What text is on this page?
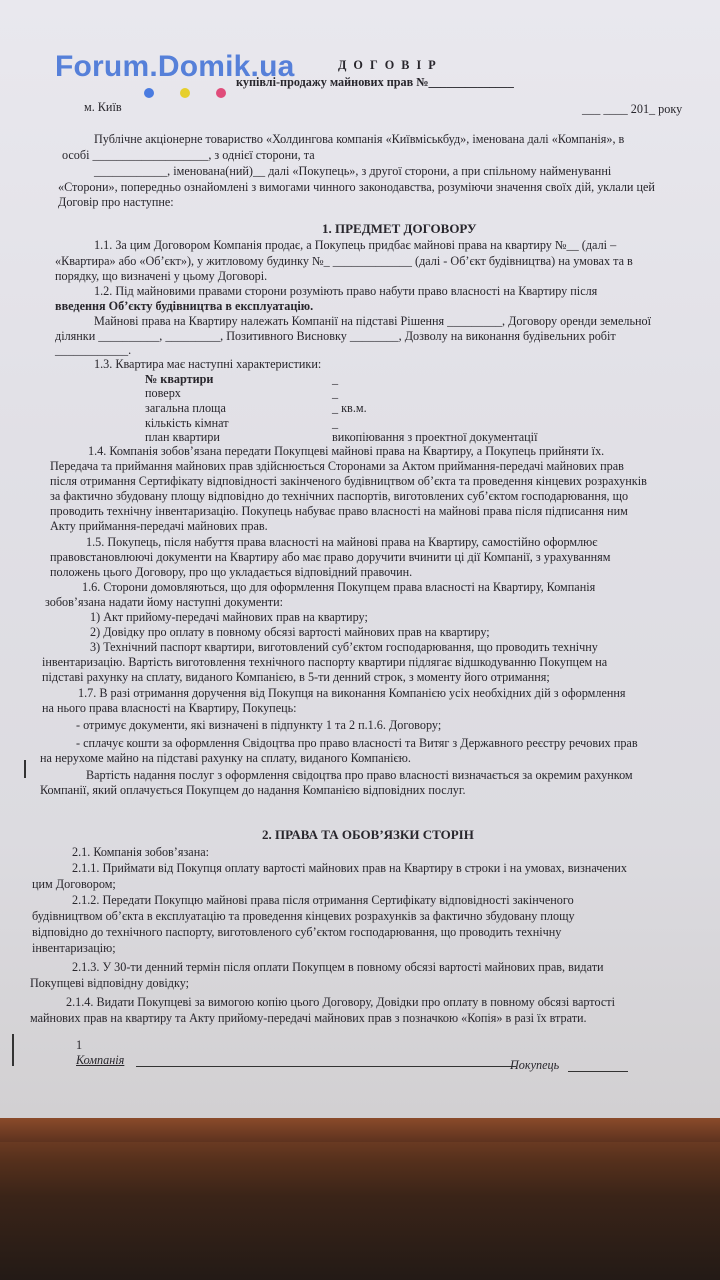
Forum.Domik.ua	Д О Г О В І Р
купівлі-продажу майнових прав №______________
м. Київ	___ ____ 201_ року
Публічне акціонерне товариство «Холдингова компанія «Київміськбуд», іменована далі «Компанія», в
особі ___________________, з однієї сторони, та
____________, іменована(ний)__ далі «Покупець», з другої сторони, а при спільному найменуванні
«Сторони», попередньо ознайомлені з вимогами чинного законодавства, розуміючи значення своїх дій, уклали цей
Договір про наступне:
1. ПРЕДМЕТ ДОГОВОРУ
1.1. За цим Договором Компанія продає, а Покупець придбає майнові права на квартиру №__ (далі –
«Квартира» або «Об’єкт»), у житловому будинку №_ _____________ (далі - Об’єкт будівництва) на умовах та в
порядку, що визначені у цьому Договорі.
1.2. Під майновими правами сторони розуміють право набути право власності на Квартиру після
введення Об’єкту будівництва в експлуатацію.
Майнові права на Квартиру належать Компанії на підставі Рішення _________, Договору оренди земельної
ділянки __________, _________, Позитивного Висновку ________, Дозволу на виконання будівельних робіт
____________.
1.3. Квартира має наступні характеристики:
№ квартири	_
поверх	_
загальна площа	_ кв.м.
кількість кімнат	_
план квартири	викопіювання з проектної документації
1.4. Компанія зобов’язана передати Покупцеві майнові права на Квартиру, а Покупець прийняти їх.
Передача та приймання майнових прав здійснюється Сторонами за Актом приймання-передачі майнових прав
після отримання Сертифікату відповідності закінченого будівництвом об’єкта та проведення кінцевих розрахунків
за фактично збудовану площу відповідно до технічних паспортів, виготовлених суб’єктом господарювання, що
проводить технічну інвентаризацію. Покупець набуває право власності на майнові права після підписання ним
Акту приймання-передачі майнових прав.
1.5. Покупець, після набуття права власності на майнові права на Квартиру, самостійно оформлює
правовстановлюючі документи на Квартиру або має право доручити вчинити ці дії Компанії, з урахуванням
положень цього Договору, про що укладається відповідний правочин.
1.6. Сторони домовляються, що для оформлення Покупцем права власності на Квартиру, Компанія
зобов’язана надати йому наступні документи:
1) Акт прийому-передачі майнових прав на квартиру;
2) Довідку про оплату в повному обсязі вартості майнових прав на квартиру;
3) Технічний паспорт квартири, виготовлений суб’єктом господарювання, що проводить технічну
інвентаризацію. Вартість виготовлення технічного паспорту квартири підлягає відшкодуванню Покупцем на
підставі рахунку на сплату, виданого Компанією, в 5-ти денний строк, з моменту його отримання;
1.7. В разі отримання доручення від Покупця на виконання Компанією усіх необхідних дій з оформлення
на нього права власності на Квартиру, Покупець:
- отримує документи, які визначені в підпункту 1 та 2 п.1.6. Договору;
- сплачує кошти за оформлення Свідоцтва про право власності та Витяг з Державного реєстру речових прав
на нерухоме майно на підставі рахунку на сплату, виданого Компанією.
Вартість надання послуг з оформлення свідоцтва про право власності визначається за окремим рахунком
Компанії, який оплачується Покупцем до надання Компанією відповідних послуг.
2. ПРАВА ТА ОБОВ’ЯЗКИ СТОРІН
2.1. Компанія зобов’язана:
2.1.1. Приймати від Покупця оплату вартості майнових прав на Квартиру в строки і на умовах, визначених
цим Договором;
2.1.2. Передати Покупцю майнові права після отримання Сертифікату відповідності закінченого
будівництвом об’єкта в експлуатацію та проведення кінцевих розрахунків за фактично збудовану площу
відповідно до технічного паспорту, виготовленого суб’єктом господарювання, що проводить технічну
інвентаризацію;
2.1.3. У 30-ти денний термін після оплати Покупцем в повному обсязі вартості майнових прав, видати
Покупцеві відповідну довідку;
2.1.4. Видати Покупцеві за вимогою копію цього Договору, Довідки про оплату в повному обсязі вартості
майнових прав на квартиру та Акту прийому-передачі майнових прав з позначкою «Копія» в разі їх втрати.
1
Компанія	Покупець
